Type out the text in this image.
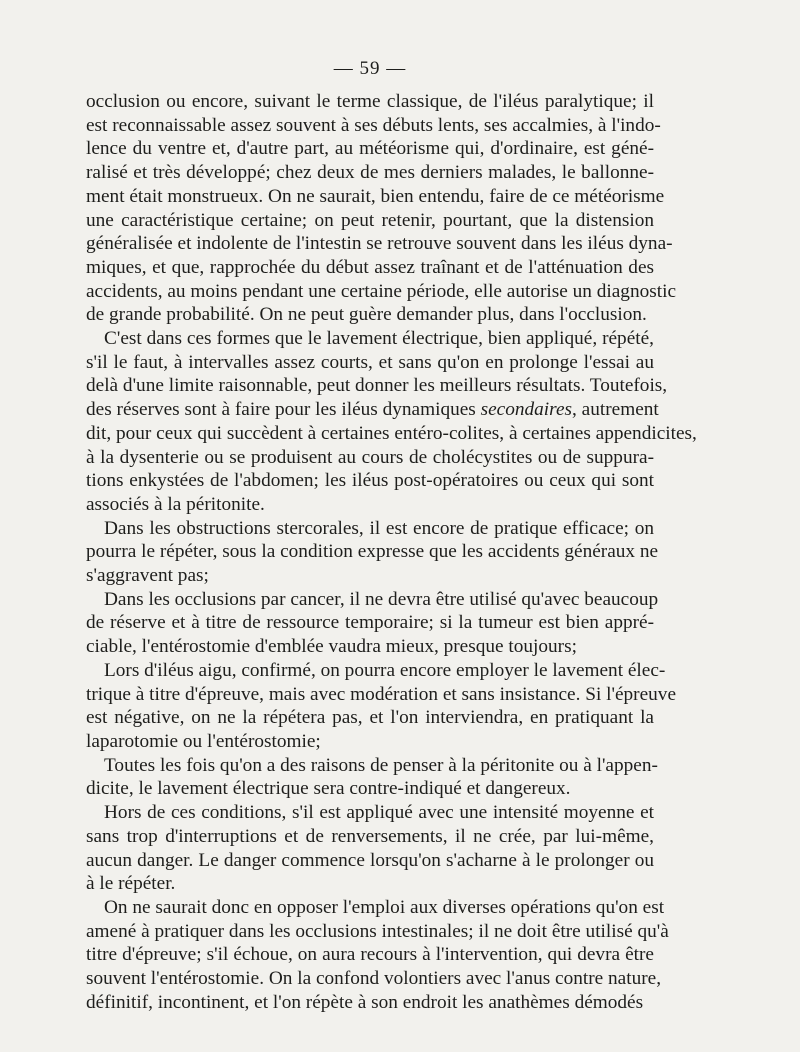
— 59 —

occlusion ou encore, suivant le terme classique, de l'iléus paralytique; il
est reconnaissable assez souvent à ses débuts lents, ses accalmies, à l'indo-
lence du ventre et, d'autre part, au météorisme qui, d'ordinaire, est géné-
ralisé et très développé; chez deux de mes derniers malades, le ballonne-
ment était monstrueux. On ne saurait, bien entendu, faire de ce météorisme
une caractéristique certaine; on peut retenir, pourtant, que la distension
généralisée et indolente de l'intestin se retrouve souvent dans les iléus dyna-
miques, et que, rapprochée du début assez traînant et de l'atténuation des
accidents, au moins pendant une certaine période, elle autorise un diagnostic
de grande probabilité. On ne peut guère demander plus, dans l'occlusion.

C'est dans ces formes que le lavement électrique, bien appliqué, répété,
s'il le faut, à intervalles assez courts, et sans qu'on en prolonge l'essai au
delà d'une limite raisonnable, peut donner les meilleurs résultats. Toutefois,
des réserves sont à faire pour les iléus dynamiques secondaires, autrement
dit, pour ceux qui succèdent à certaines entéro-colites, à certaines appendicites,
à la dysenterie ou se produisent au cours de cholécystites ou de suppura-
tions enkystées de l'abdomen; les iléus post-opératoires ou ceux qui sont
associés à la péritonite.

Dans les obstructions stercorales, il est encore de pratique efficace; on
pourra le répéter, sous la condition expresse que les accidents généraux ne
s'aggravent pas;

Dans les occlusions par cancer, il ne devra être utilisé qu'avec beaucoup
de réserve et à titre de ressource temporaire; si la tumeur est bien appré-
ciable, l'entérostomie d'emblée vaudra mieux, presque toujours;

Lors d'iléus aigu, confirmé, on pourra encore employer le lavement élec-
trique à titre d'épreuve, mais avec modération et sans insistance. Si l'épreuve
est négative, on ne la répétera pas, et l'on interviendra, en pratiquant la
laparotomie ou l'entérostomie;

Toutes les fois qu'on a des raisons de penser à la péritonite ou à l'appen-
dicite, le lavement électrique sera contre-indiqué et dangereux.

Hors de ces conditions, s'il est appliqué avec une intensité moyenne et
sans trop d'interruptions et de renversements, il ne crée, par lui-même,
aucun danger. Le danger commence lorsqu'on s'acharne à le prolonger ou
à le répéter.

On ne saurait donc en opposer l'emploi aux diverses opérations qu'on est
amené à pratiquer dans les occlusions intestinales; il ne doit être utilisé qu'à
titre d'épreuve; s'il échoue, on aura recours à l'intervention, qui devra être
souvent l'entérostomie. On la confond volontiers avec l'anus contre nature,
définitif, incontinent, et l'on répète à son endroit les anathèmes démodés
